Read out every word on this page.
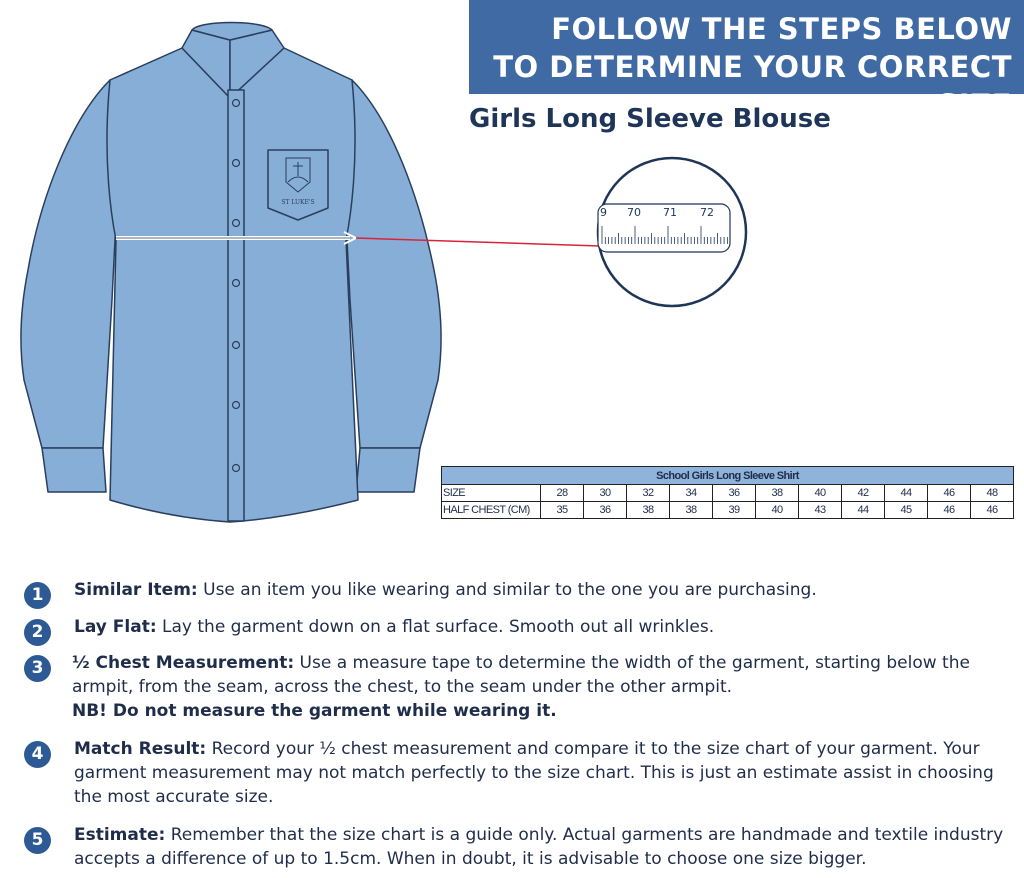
ST LUKE'S
9 70 71 72
FOLLOW THE STEPS BELOW
TO DETERMINE YOUR CORRECT SIZE
Girls Long Sleeve Blouse
School Girls Long Sleeve Shirt											
SIZE	28	30	32	34	36	38	40	42	44	46	48
HALF CHEST (CM)	35	36	38	38	39	40	43	44	45	46	46
1	Similar Item: Use an item you like wearing and similar to the one you are purchasing.
2	Lay Flat: Lay the garment down on a flat surface. Smooth out all wrinkles.
3	½ Chest Measurement: Use a measure tape to determine the width of the garment, starting below the armpit, from the seam, across the chest, to the seam under the other armpit.
NB! Do not measure the garment while wearing it.
4	Match Result: Record your ½ chest measurement and compare it to the size chart of your garment. Your garment measurement may not match perfectly to the size chart. This is just an estimate assist in choosing the most accurate size.
5	Estimate: Remember that the size chart is a guide only. Actual garments are handmade and textile industry accepts a difference of up to 1.5cm. When in doubt, it is advisable to choose one size bigger.
